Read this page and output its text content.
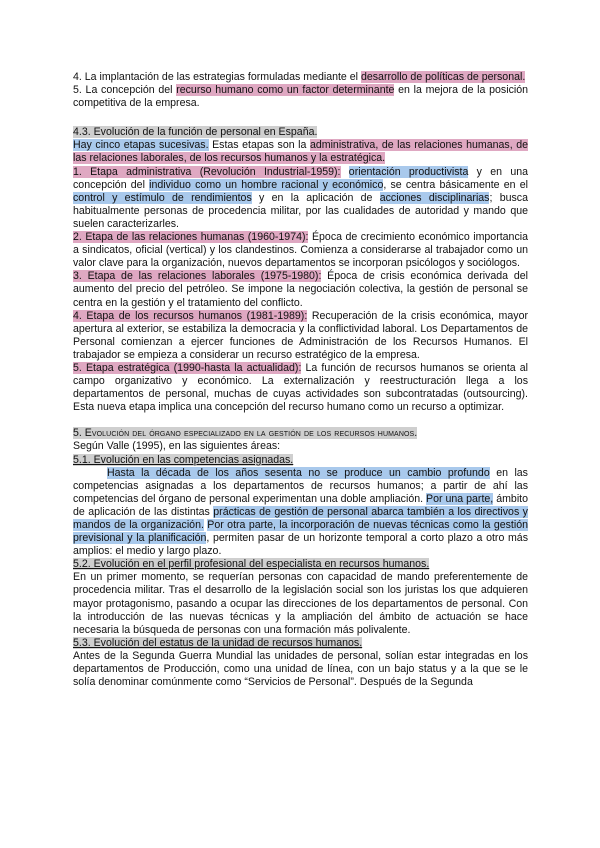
4. La implantación de las estrategias formuladas mediante el desarrollo de políticas de personal.

5. La concepción del recurso humano como un factor determinante en la mejora de la posición competitiva de la empresa.

4.3. Evolución de la función de personal en España.

Hay cinco etapas sucesivas. Estas etapas son la administrativa, de las relaciones humanas, de las relaciones laborales, de los recursos humanos y la estratégica.

1. Etapa administrativa (Revolución Industrial-1959): orientación productivista y en una concepción del individuo como un hombre racional y económico, se centra básicamente en el control y estímulo de rendimientos y en la aplicación de acciones disciplinarias; busca habitualmente personas de procedencia militar, por las cualidades de autoridad y mando que suelen caracterizarles.

2. Etapa de las relaciones humanas (1960-1974): Época de crecimiento económico importancia a sindicatos, oficial (vertical) y los clandestinos. Comienza a considerarse al trabajador como un valor clave para la organización, nuevos departamentos se incorporan psicólogos y sociólogos.

3. Etapa de las relaciones laborales (1975-1980): Época de crisis económica derivada del aumento del precio del petróleo. Se impone la negociación colectiva, la gestión de personal se centra en la gestión y el tratamiento del conflicto.

4. Etapa de los recursos humanos (1981-1989): Recuperación de la crisis económica, mayor apertura al exterior, se estabiliza la democracia y la conflictividad laboral. Los Departamentos de Personal comienzan a ejercer funciones de Administración de los Recursos Humanos. El trabajador se empieza a considerar un recurso estratégico de la empresa.

5. Etapa estratégica (1990-hasta la actualidad): La función de recursos humanos se orienta al campo organizativo y económico. La externalización y reestructuración llega a los departamentos de personal, muchas de cuyas actividades son subcontratadas (outsourcing). Esta nueva etapa implica una concepción del recurso humano como un recurso a optimizar.

5. Evolución del órgano especializado en la gestión de los recursos humanos.

Según Valle (1995), en las siguientes áreas:

5.1. Evolución en las competencias asignadas.

Hasta la década de los años sesenta no se produce un cambio profundo en las competencias asignadas a los departamentos de recursos humanos; a partir de ahí las competencias del órgano de personal experimentan una doble ampliación. Por una parte, ámbito de aplicación de las distintas prácticas de gestión de personal abarca también a los directivos y mandos de la organización. Por otra parte, la incorporación de nuevas técnicas como la gestión previsional y la planificación, permiten pasar de un horizonte temporal a corto plazo a otro más amplios: el medio y largo plazo.

5.2. Evolución en el perfil profesional del especialista en recursos humanos.

En un primer momento, se requerían personas con capacidad de mando preferentemente de procedencia militar. Tras el desarrollo de la legislación social son los juristas los que adquieren mayor protagonismo, pasando a ocupar las direcciones de los departamentos de personal. Con la introducción de las nuevas técnicas y la ampliación del ámbito de actuación se hace necesaria la búsqueda de personas con una formación más polivalente.

5.3. Evolución del estatus de la unidad de recursos humanos.

Antes de la Segunda Guerra Mundial las unidades de personal, solían estar integradas en los departamentos de Producción, como una unidad de línea, con un bajo status y a la que se le solía denominar comúnmente como “Servicios de Personal”. Después de la Segunda
